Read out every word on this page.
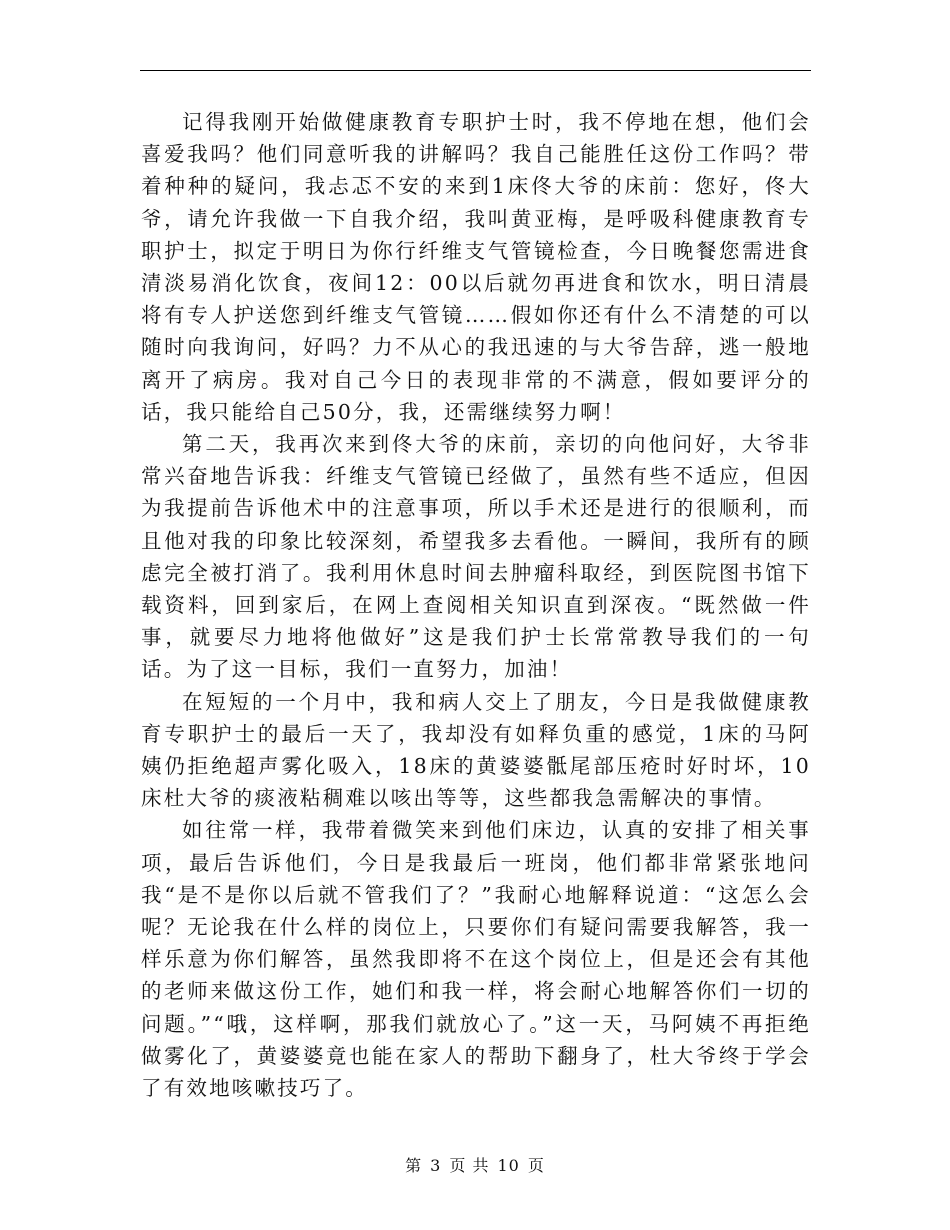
记得我刚开始做健康教育专职护士时，我不停地在想，他们会喜爱我吗？他们同意听我的讲解吗？我自己能胜任这份工作吗？带着种种的疑问，我忐忑不安的来到1床佟大爷的床前：您好，佟大爷，请允许我做一下自我介绍，我叫黄亚梅，是呼吸科健康教育专职护士，拟定于明日为你行纤维支气管镜检查，今日晚餐您需进食清淡易消化饮食，夜间12：00以后就勿再进食和饮水，明日清晨将有专人护送您到纤维支气管镜……假如你还有什么不清楚的可以随时向我询问，好吗？力不从心的我迅速的与大爷告辞，逃一般地离开了病房。我对自己今日的表现非常的不满意，假如要评分的话，我只能给自己50分，我，还需继续努力啊！

第二天，我再次来到佟大爷的床前，亲切的向他问好，大爷非常兴奋地告诉我：纤维支气管镜已经做了，虽然有些不适应，但因为我提前告诉他术中的注意事项，所以手术还是进行的很顺利，而且他对我的印象比较深刻，希望我多去看他。一瞬间，我所有的顾虑完全被打消了。我利用休息时间去肿瘤科取经，到医院图书馆下载资料，回到家后，在网上查阅相关知识直到深夜。“既然做一件事，就要尽力地将他做好”这是我们护士长常常教导我们的一句话。为了这一目标，我们一直努力，加油！

在短短的一个月中，我和病人交上了朋友，今日是我做健康教育专职护士的最后一天了，我却没有如释负重的感觉，1床的马阿姨仍拒绝超声雾化吸入，18床的黄婆婆骶尾部压疮时好时坏，10床杜大爷的痰液粘稠难以咳出等等，这些都我急需解决的事情。

如往常一样，我带着微笑来到他们床边，认真的安排了相关事项，最后告诉他们，今日是我最后一班岗，他们都非常紧张地问我“是不是你以后就不管我们了？”我耐心地解释说道：“这怎么会呢？无论我在什么样的岗位上，只要你们有疑问需要我解答，我一样乐意为你们解答，虽然我即将不在这个岗位上，但是还会有其他的老师来做这份工作，她们和我一样，将会耐心地解答你们一切的问题。”“哦，这样啊，那我们就放心了。”这一天，马阿姨不再拒绝做雾化了，黄婆婆竟也能在家人的帮助下翻身了，杜大爷终于学会了有效地咳嗽技巧了。

第 3 页 共 10 页
